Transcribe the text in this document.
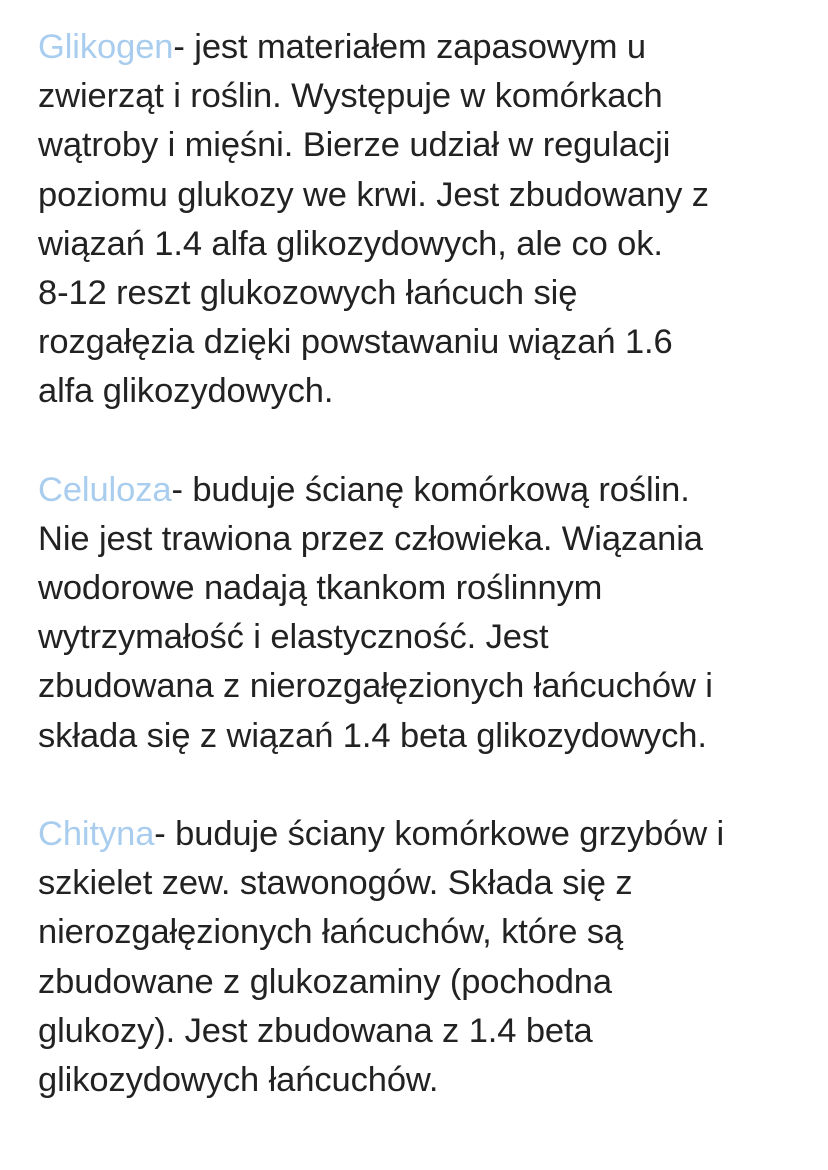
Glikogen- jest materiałem zapasowym u
zwierząt i roślin. Występuje w komórkach
wątroby i mięśni. Bierze udział w regulacji
poziomu glukozy we krwi. Jest zbudowany z
wiązań 1.4 alfa glikozydowych, ale co ok.
8-12 reszt glukozowych łańcuch się
rozgałęzia dzięki powstawaniu wiązań 1.6
alfa glikozydowych.

Celuloza- buduje ścianę komórkową roślin.
Nie jest trawiona przez człowieka. Wiązania
wodorowe nadają tkankom roślinnym
wytrzymałość i elastyczność. Jest
zbudowana z nierozgałęzionych łańcuchów i
składa się z wiązań 1.4 beta glikozydowych.

Chityna- buduje ściany komórkowe grzybów i
szkielet zew. stawonogów. Składa się z
nierozgałęzionych łańcuchów, które są
zbudowane z glukozaminy (pochodna
glukozy). Jest zbudowana z 1.4 beta
glikozydowych łańcuchów.
